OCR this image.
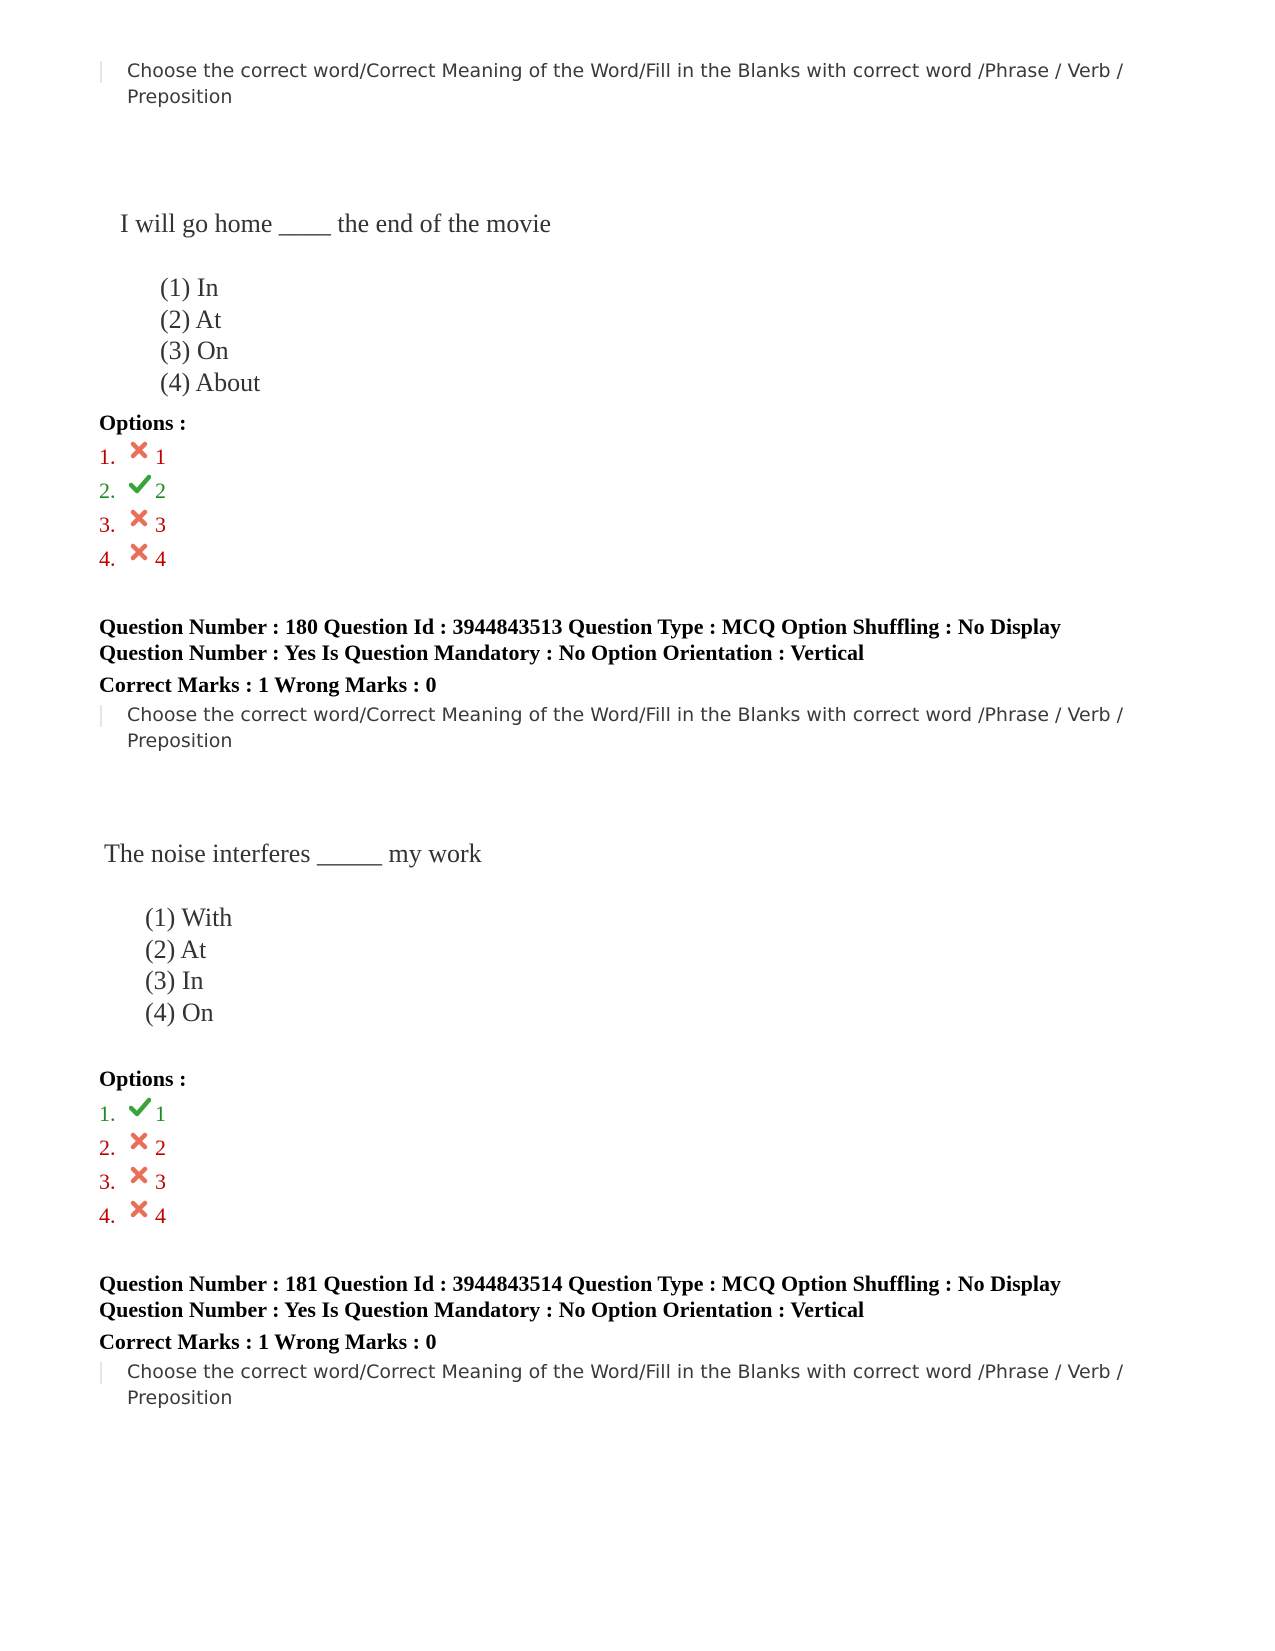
Choose the correct word/Correct Meaning of the Word/Fill in the Blanks with correct word /Phrase / Verb /
Preposition
I will go home ____ the end of the movie
(1) In
(2) At
(3) On
(4) About
Options :
1.	1
2.	2
3.	3
4.	4
Question Number : 180 Question Id : 3944843513 Question Type : MCQ Option Shuffling : No Display
Question Number : Yes Is Question Mandatory : No Option Orientation : Vertical
Correct Marks : 1 Wrong Marks : 0
Choose the correct word/Correct Meaning of the Word/Fill in the Blanks with correct word /Phrase / Verb /
Preposition
The noise interferes _____ my work
(1) With
(2) At
(3) In
(4) On
Options :
1.	1
2.	2
3.	3
4.	4
Question Number : 181 Question Id : 3944843514 Question Type : MCQ Option Shuffling : No Display
Question Number : Yes Is Question Mandatory : No Option Orientation : Vertical
Correct Marks : 1 Wrong Marks : 0
Choose the correct word/Correct Meaning of the Word/Fill in the Blanks with correct word /Phrase / Verb /
Preposition
